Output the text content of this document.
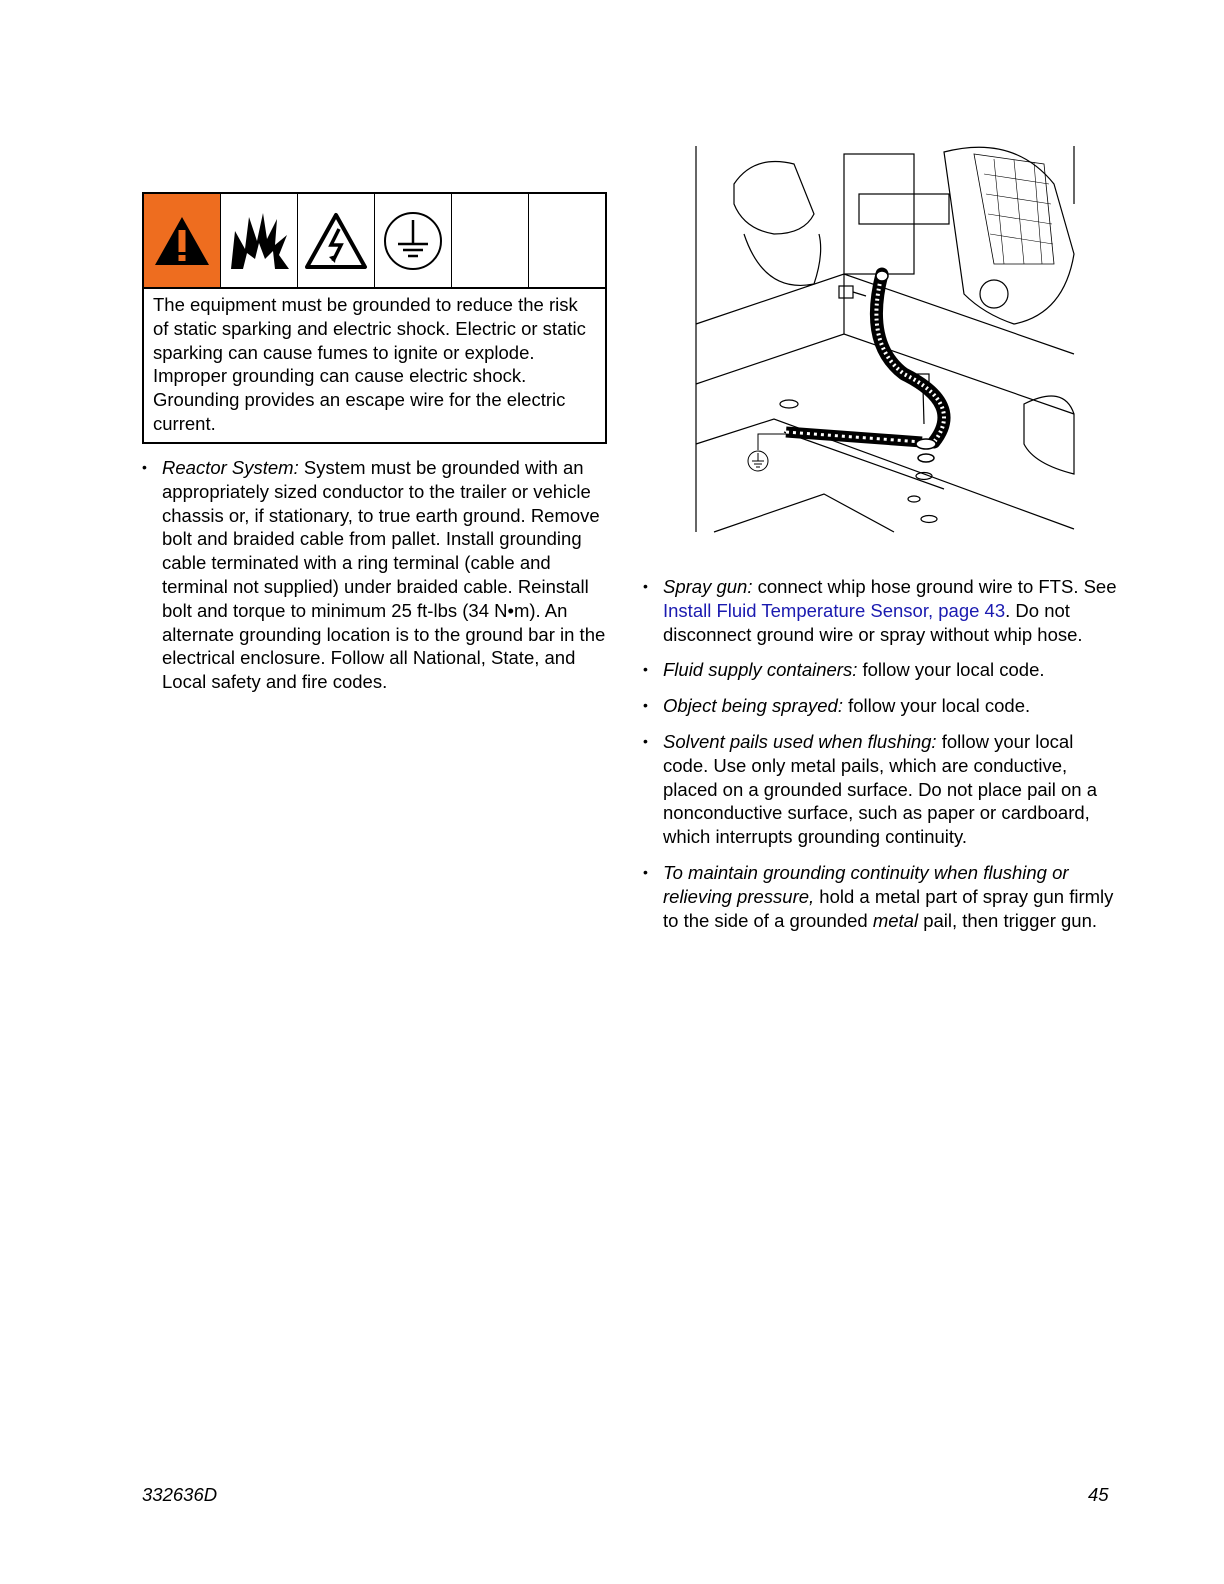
The equipment must be grounded to reduce the risk of static sparking and electric shock. Electric or static sparking can cause fumes to ignite or explode. Improper grounding can cause electric shock. Grounding provides an escape wire for the electric current.
• Reactor System: System must be grounded with an appropriately sized conductor to the trailer or vehicle chassis or, if stationary, to true earth ground. Remove bolt and braided cable from pallet. Install grounding cable terminated with a ring terminal (cable and terminal not supplied) under braided cable. Reinstall bolt and torque to minimum 25 ft-lbs (34 N•m). An alternate grounding location is to the ground bar in the electrical enclosure. Follow all National, State, and Local safety and fire codes.
• Spray gun: connect whip hose ground wire to FTS. See Install Fluid Temperature Sensor, page 43. Do not disconnect ground wire or spray without whip hose.
• Fluid supply containers: follow your local code.
• Object being sprayed: follow your local code.
• Solvent pails used when flushing: follow your local code. Use only metal pails, which are conductive, placed on a grounded surface. Do not place pail on a nonconductive surface, such as paper or cardboard, which interrupts grounding continuity.
• To maintain grounding continuity when flushing or relieving pressure, hold a metal part of spray gun firmly to the side of a grounded metal pail, then trigger gun.
332636D	45
